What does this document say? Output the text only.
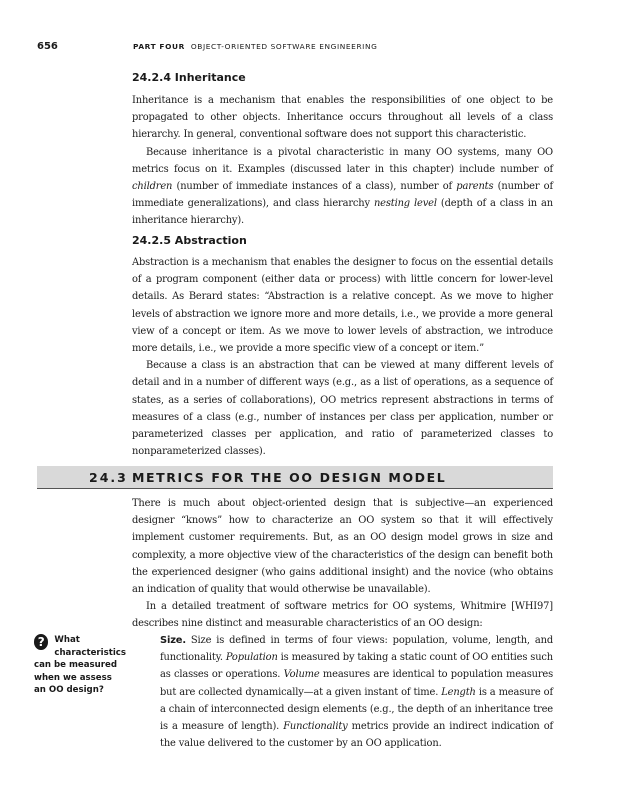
656	PART FOUR OBJECT-ORIENTED SOFTWARE ENGINEERING
24.2.4 Inheritance

Inheritance is a mechanism that enables the responsibilities of one object to be propagated to other objects. Inheritance occurs throughout all levels of a class hierarchy. In general, conventional software does not support this characteristic.

Because inheritance is a pivotal characteristic in many OO systems, many OO metrics focus on it. Examples (discussed later in this chapter) include number of children (number of immediate instances of a class), number of parents (number of immediate generalizations), and class hierarchy nesting level (depth of a class in an inheritance hierarchy).

24.2.5 Abstraction

Abstraction is a mechanism that enables the designer to focus on the essential details of a program component (either data or process) with little concern for lower-level details. As Berard states: “Abstraction is a relative concept. As we move to higher levels of abstraction we ignore more and more details, i.e., we provide a more general view of a concept or item. As we move to lower levels of abstraction, we introduce more details, i.e., we provide a more specific view of a concept or item.”

Because a class is an abstraction that can be viewed at many different levels of detail and in a number of different ways (e.g., as a list of operations, as a sequence of states, as a series of collaborations), OO metrics represent abstractions in terms of measures of a class (e.g., number of instances per class per application, number or parameterized classes per application, and ratio of parameterized classes to nonparameterized classes).

24.3 METRICS FOR THE OO DESIGN MODEL

There is much about object-oriented design that is subjective—an experienced designer “knows” how to characterize an OO system so that it will effectively implement customer requirements. But, as an OO design model grows in size and complexity, a more objective view of the characteristics of the design can benefit both the experienced designer (who gains additional insight) and the novice (who obtains an indication of quality that would otherwise be unavailable).

In a detailed treatment of software metrics for OO systems, Whitmire [WHI97] describes nine distinct and measurable characteristics of an OO design:

Size. Size is defined in terms of four views: population, volume, length, and functionality. Population is measured by taking a static count of OO entities such as classes or operations. Volume measures are identical to population measures but are collected dynamically—at a given instant of time. Length is a measure of a chain of interconnected design elements (e.g., the depth of an inheritance tree is a measure of length). Functionality metrics provide an indirect indication of the value delivered to the customer by an OO application.

?	What
characteristics
can be measured
when we assess
an OO design?
